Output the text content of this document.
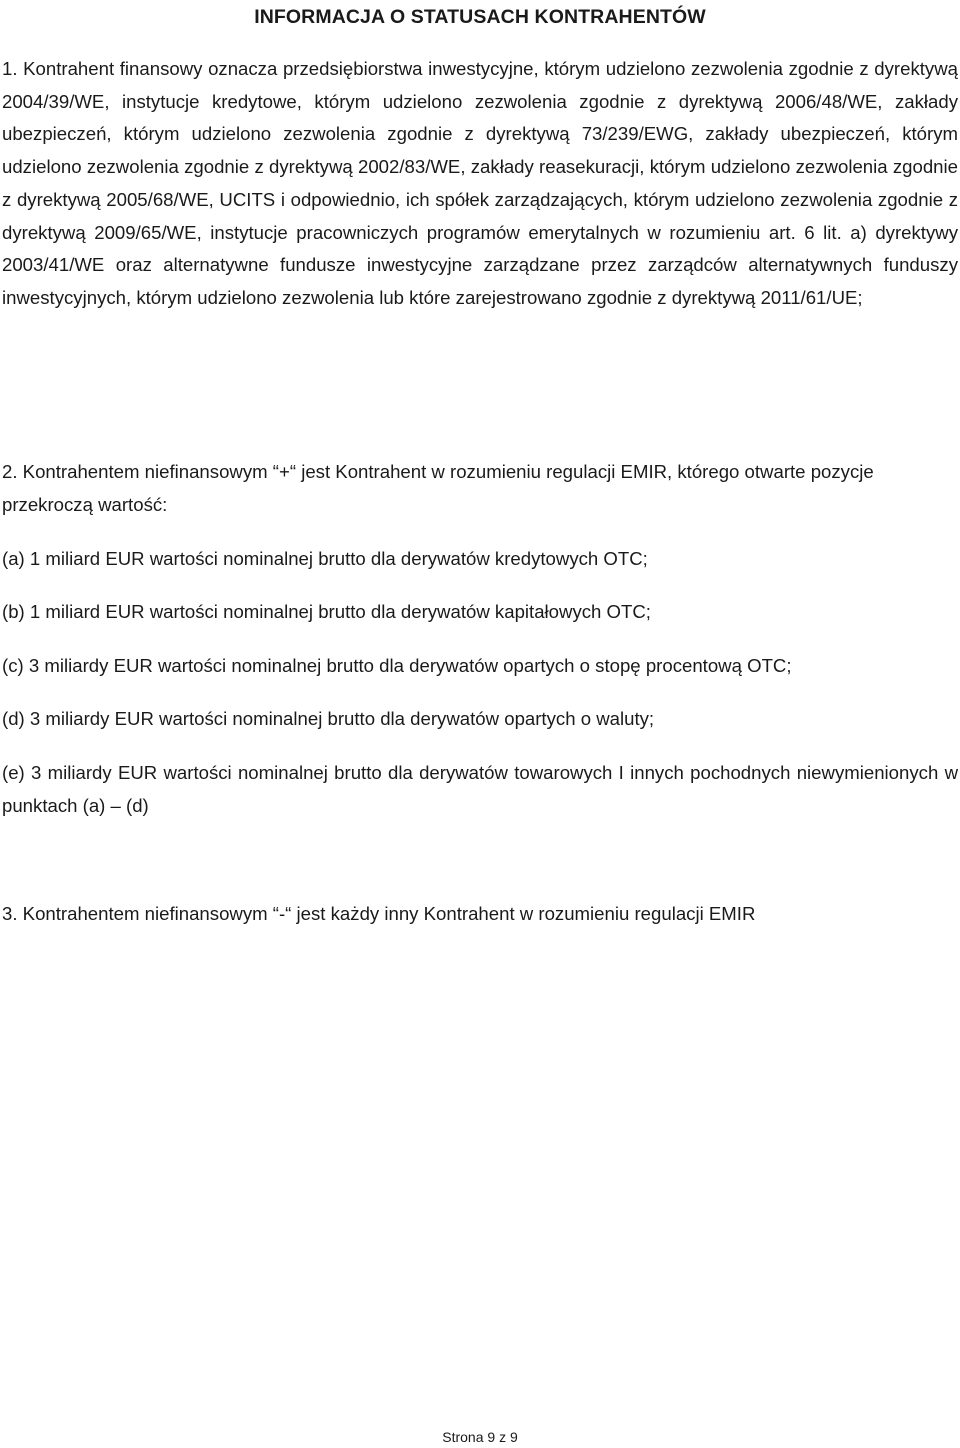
INFORMACJA O STATUSACH KONTRAHENTÓW

1. Kontrahent finansowy oznacza przedsiębiorstwa inwestycyjne, którym udzielono zezwolenia zgodnie z dyrektywą 2004/39/WE, instytucje kredytowe, którym udzielono zezwolenia zgodnie z dyrektywą 2006/48/WE, zakłady ubezpieczeń, którym udzielono zezwolenia zgodnie z dyrektywą 73/239/EWG, zakłady ubezpieczeń, którym udzielono zezwolenia zgodnie z dyrektywą 2002/83/WE, zakłady reasekuracji, którym udzielono zezwolenia zgodnie z dyrektywą 2005/68/WE, UCITS i odpowiednio, ich spółek zarządzających, którym udzielono zezwolenia zgodnie z dyrektywą 2009/65/WE, instytucje pracowniczych programów emerytalnych w rozumieniu art. 6 lit. a) dyrektywy 2003/41/WE oraz alternatywne fundusze inwestycyjne zarządzane przez zarządców alternatywnych funduszy inwestycyjnych, którym udzielono zezwolenia lub które zarejestrowano zgodnie z dyrektywą 2011/61/UE;

2. Kontrahentem niefinansowym “+“ jest Kontrahent w rozumieniu regulacji EMIR, którego otwarte pozycje przekroczą wartość:

(a) 1 miliard EUR wartości nominalnej brutto dla derywatów kredytowych OTC;

(b) 1 miliard EUR wartości nominalnej brutto dla derywatów kapitałowych OTC;

(c) 3 miliardy EUR wartości nominalnej brutto dla derywatów opartych o stopę procentową OTC;

(d) 3 miliardy EUR wartości nominalnej brutto dla derywatów opartych o waluty;

(e) 3 miliardy EUR wartości nominalnej brutto dla derywatów towarowych I innych pochodnych niewymienionych w punktach (a) – (d)

3. Kontrahentem niefinansowym “-“ jest każdy inny Kontrahent w rozumieniu regulacji EMIR

Strona 9 z 9
